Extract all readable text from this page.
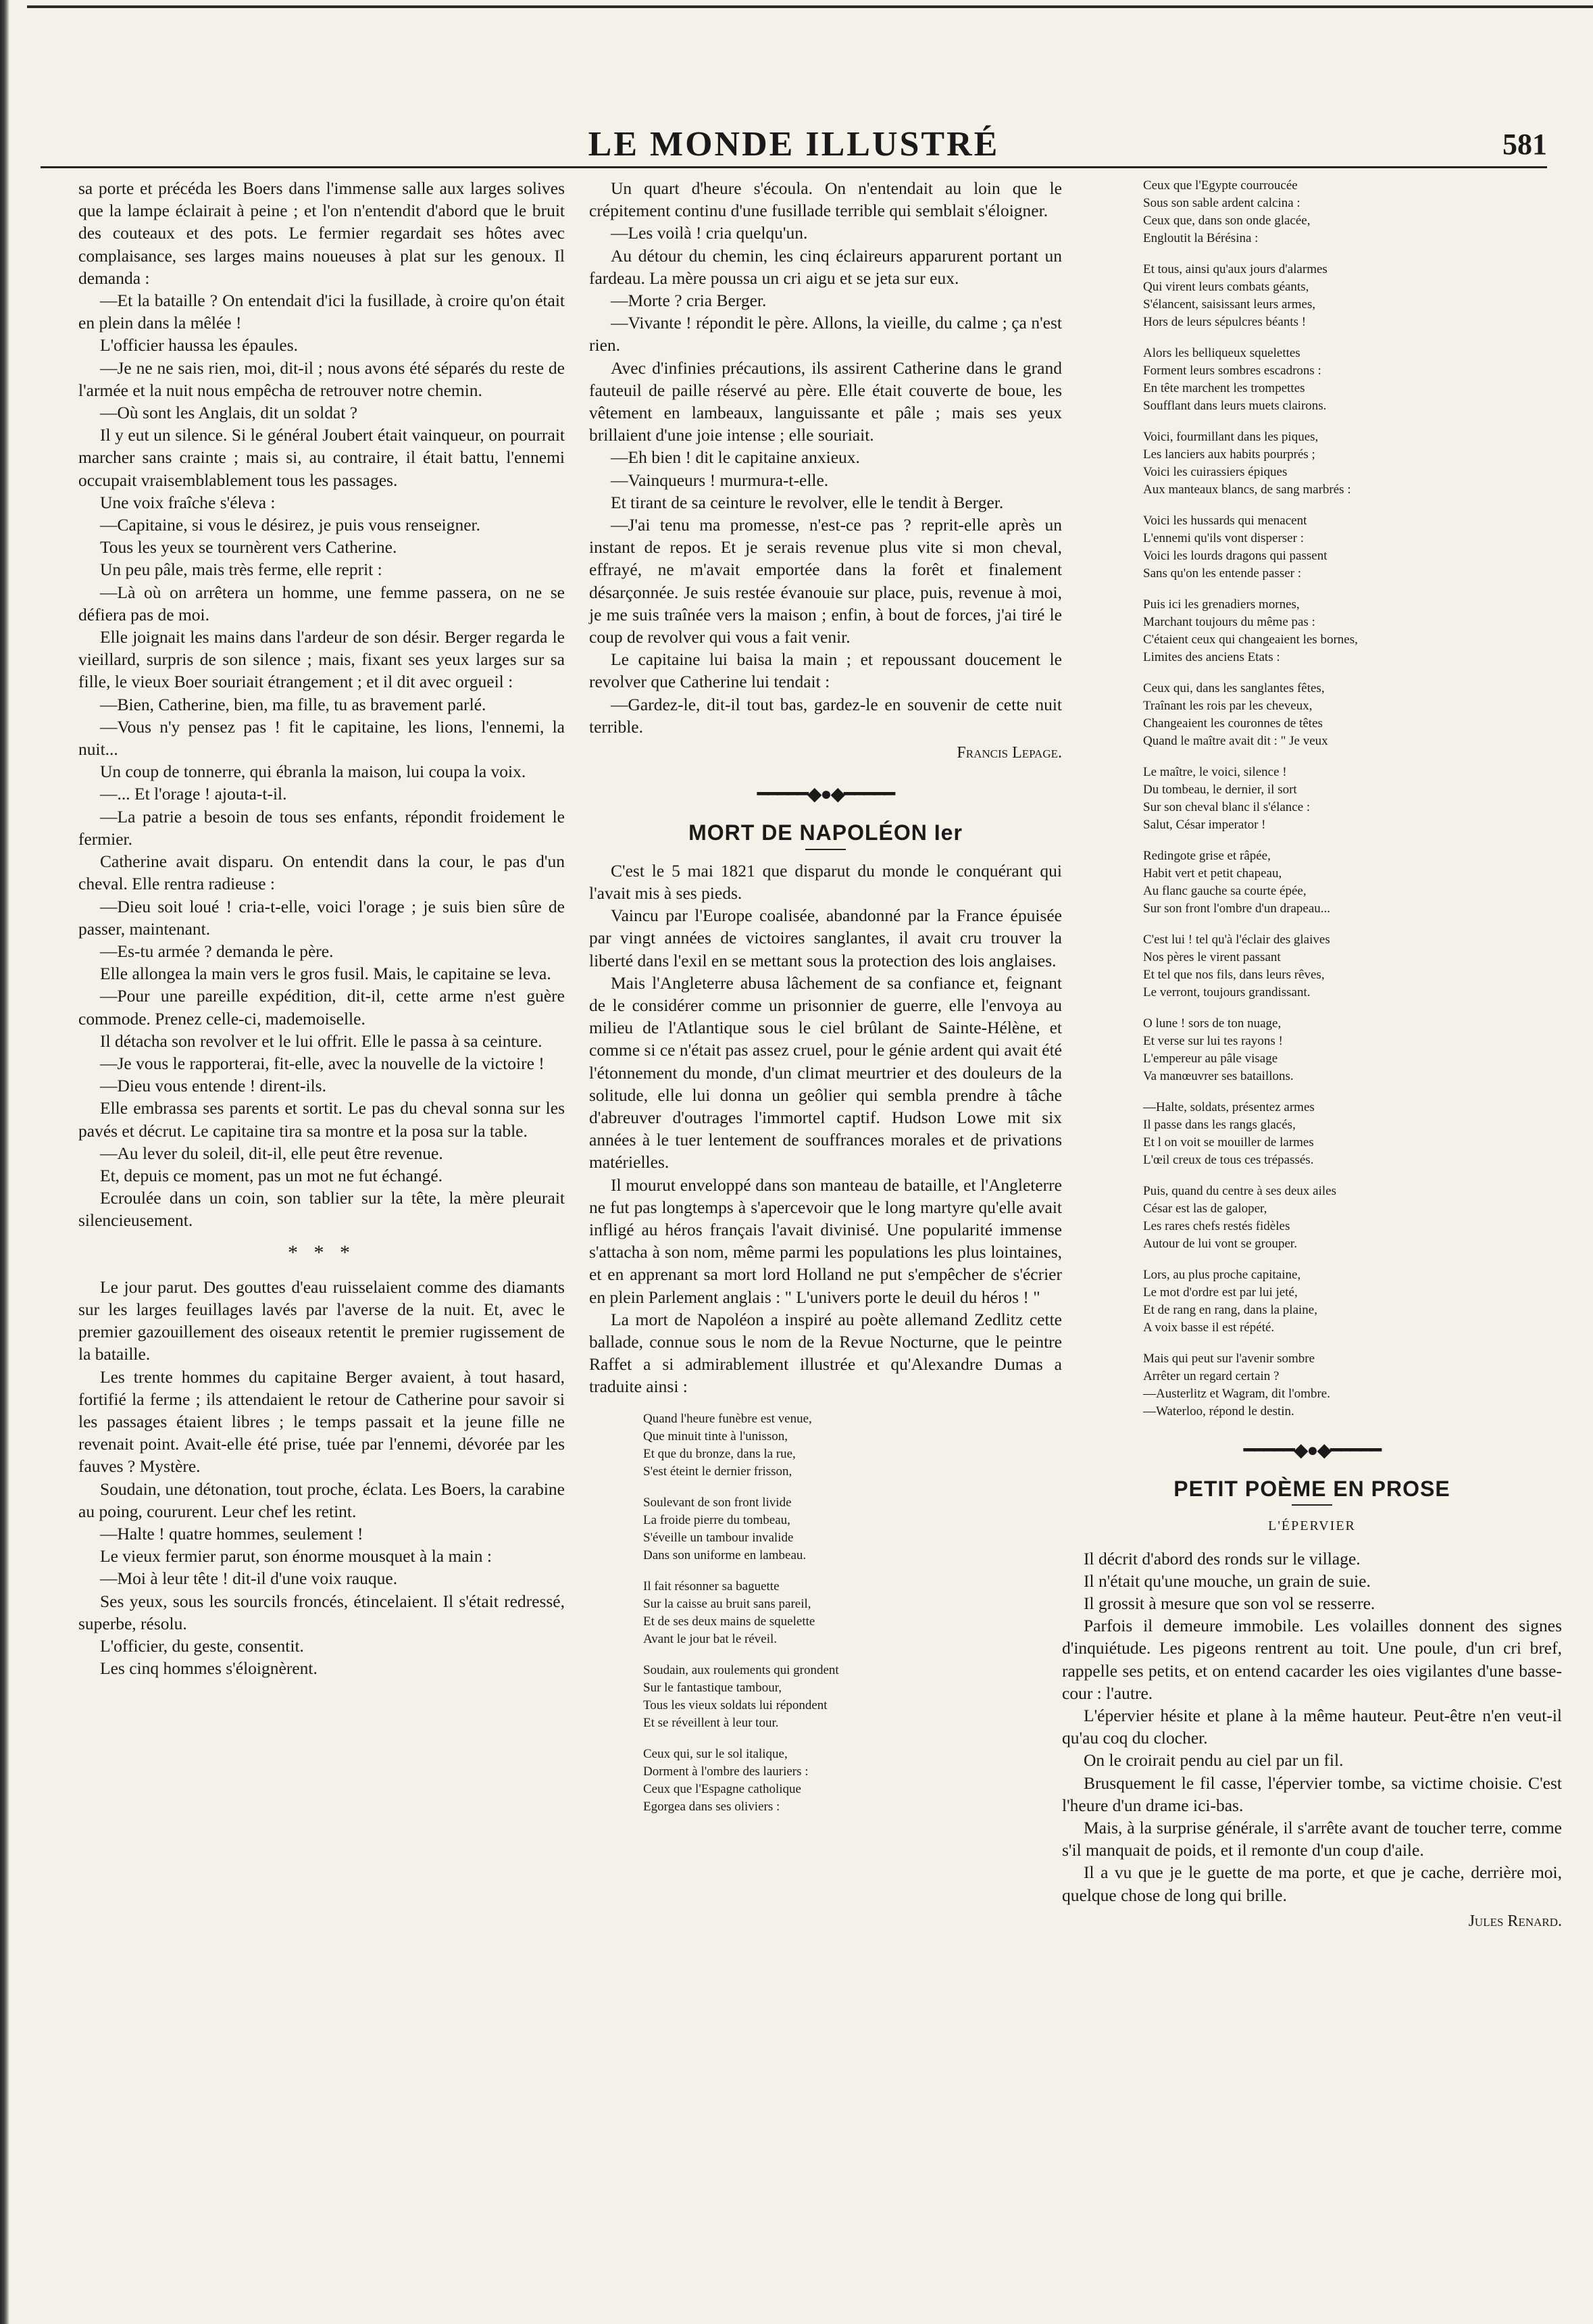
LE MONDE ILLUSTRÉ	581

sa porte et précéda les Boers dans l'immense salle aux larges solives que la lampe éclairait à peine ; et l'on n'entendit d'abord que le bruit des couteaux et des pots. Le fermier regardait ses hôtes avec complaisance, ses larges mains noueuses à plat sur les genoux. Il demanda :

—Et la bataille ? On entendait d'ici la fusillade, à croire qu'on était en plein dans la mêlée !

L'officier haussa les épaules.

—Je ne ne sais rien, moi, dit-il ; nous avons été séparés du reste de l'armée et la nuit nous empêcha de retrouver notre chemin.

—Où sont les Anglais, dit un soldat ?

Il y eut un silence. Si le général Joubert était vainqueur, on pourrait marcher sans crainte ; mais si, au contraire, il était battu, l'ennemi occupait vraisemblablement tous les passages.

Une voix fraîche s'éleva :

—Capitaine, si vous le désirez, je puis vous renseigner.

Tous les yeux se tournèrent vers Catherine.

Un peu pâle, mais très ferme, elle reprit :

—Là où on arrêtera un homme, une femme passera, on ne se défiera pas de moi.

Elle joignait les mains dans l'ardeur de son désir. Berger regarda le vieillard, surpris de son silence ; mais, fixant ses yeux larges sur sa fille, le vieux Boer souriait étrangement ; et il dit avec orgueil :

—Bien, Catherine, bien, ma fille, tu as bravement parlé.

—Vous n'y pensez pas ! fit le capitaine, les lions, l'ennemi, la nuit...

Un coup de tonnerre, qui ébranla la maison, lui coupa la voix.

—... Et l'orage ! ajouta-t-il.

—La patrie a besoin de tous ses enfants, répondit froidement le fermier.

Catherine avait disparu. On entendit dans la cour, le pas d'un cheval. Elle rentra radieuse :

—Dieu soit loué ! cria-t-elle, voici l'orage ; je suis bien sûre de passer, maintenant.

—Es-tu armée ? demanda le père.

Elle allongea la main vers le gros fusil. Mais, le capitaine se leva.

—Pour une pareille expédition, dit-il, cette arme n'est guère commode. Prenez celle-ci, mademoiselle.

Il détacha son revolver et le lui offrit. Elle le passa à sa ceinture.

—Je vous le rapporterai, fit-elle, avec la nouvelle de la victoire !

—Dieu vous entende ! dirent-ils.

Elle embrassa ses parents et sortit. Le pas du cheval sonna sur les pavés et décrut. Le capitaine tira sa montre et la posa sur la table.

—Au lever du soleil, dit-il, elle peut être revenue.

Et, depuis ce moment, pas un mot ne fut échangé.

Ecroulée dans un coin, son tablier sur la tête, la mère pleurait silencieusement.

* * *

Le jour parut. Des gouttes d'eau ruisselaient comme des diamants sur les larges feuillages lavés par l'averse de la nuit. Et, avec le premier gazouillement des oiseaux retentit le premier rugissement de la bataille.

Les trente hommes du capitaine Berger avaient, à tout hasard, fortifié la ferme ; ils attendaient le retour de Catherine pour savoir si les passages étaient libres ; le temps passait et la jeune fille ne revenait point. Avait-elle été prise, tuée par l'ennemi, dévorée par les fauves ? Mystère.

Soudain, une détonation, tout proche, éclata. Les Boers, la carabine au poing, coururent. Leur chef les retint.

—Halte ! quatre hommes, seulement !

Le vieux fermier parut, son énorme mousquet à la main :

—Moi à leur tête ! dit-il d'une voix rauque.

Ses yeux, sous les sourcils froncés, étincelaient. Il s'était redressé, superbe, résolu.

L'officier, du geste, consentit.

Les cinq hommes s'éloignèrent.

Un quart d'heure s'écoula. On n'entendait au loin que le crépitement continu d'une fusillade terrible qui semblait s'éloigner.

—Les voilà ! cria quelqu'un.

Au détour du chemin, les cinq éclaireurs apparurent portant un fardeau. La mère poussa un cri aigu et se jeta sur eux.

—Morte ? cria Berger.

—Vivante ! répondit le père. Allons, la vieille, du calme ; ça n'est rien.

Avec d'infinies précautions, ils assirent Catherine dans le grand fauteuil de paille réservé au père. Elle était couverte de boue, les vêtement en lambeaux, languissante et pâle ; mais ses yeux brillaient d'une joie intense ; elle souriait.

—Eh bien ! dit le capitaine anxieux.

—Vainqueurs ! murmura-t-elle.

Et tirant de sa ceinture le revolver, elle le tendit à Berger.

—J'ai tenu ma promesse, n'est-ce pas ? reprit-elle après un instant de repos. Et je serais revenue plus vite si mon cheval, effrayé, ne m'avait emportée dans la forêt et finalement désarçonnée. Je suis restée évanouie sur place, puis, revenue à moi, je me suis traînée vers la maison ; enfin, à bout de forces, j'ai tiré le coup de revolver qui vous a fait venir.

Le capitaine lui baisa la main ; et repoussant doucement le revolver que Catherine lui tendait :

—Gardez-le, dit-il tout bas, gardez-le en souvenir de cette nuit terrible.

Francis Lepage.
━━━━━◆●◆━━━━━
MORT DE NAPOLÉON Ier

C'est le 5 mai 1821 que disparut du monde le conquérant qui l'avait mis à ses pieds.

Vaincu par l'Europe coalisée, abandonné par la France épuisée par vingt années de victoires sanglantes, il avait cru trouver la liberté dans l'exil en se mettant sous la protection des lois anglaises.

Mais l'Angleterre abusa lâchement de sa confiance et, feignant de le considérer comme un prisonnier de guerre, elle l'envoya au milieu de l'Atlantique sous le ciel brûlant de Sainte-Hélène, et comme si ce n'était pas assez cruel, pour le génie ardent qui avait été l'étonnement du monde, d'un climat meurtrier et des douleurs de la solitude, elle lui donna un geôlier qui sembla prendre à tâche d'abreuver d'outrages l'immortel captif. Hudson Lowe mit six années à le tuer lentement de souffrances morales et de privations matérielles.

Il mourut enveloppé dans son manteau de bataille, et l'Angleterre ne fut pas longtemps à s'apercevoir que le long martyre qu'elle avait infligé au héros français l'avait divinisé. Une popularité immense s'attacha à son nom, même parmi les populations les plus lointaines, et en apprenant sa mort lord Holland ne put s'empêcher de s'écrier en plein Parlement anglais : " L'univers porte le deuil du héros ! "

La mort de Napoléon a inspiré au poète allemand Zedlitz cette ballade, connue sous le nom de la Revue Nocturne, que le peintre Raffet a si admirablement illustrée et qu'Alexandre Dumas a traduite ainsi :

Quand l'heure funèbre est venue,
Que minuit tinte à l'unisson,
Et que du bronze, dans la rue,
S'est éteint le dernier frisson,
Soulevant de son front livide
La froide pierre du tombeau,
S'éveille un tambour invalide
Dans son uniforme en lambeau.
Il fait résonner sa baguette
Sur la caisse au bruit sans pareil,
Et de ses deux mains de squelette
Avant le jour bat le réveil.
Soudain, aux roulements qui grondent
Sur le fantastique tambour,
Tous les vieux soldats lui répondent
Et se réveillent à leur tour.
Ceux qui, sur le sol italique,
Dorment à l'ombre des lauriers :
Ceux que l'Espagne catholique
Egorgea dans ses oliviers :
Ceux que l'Egypte courroucée
Sous son sable ardent calcina :
Ceux que, dans son onde glacée,
Engloutit la Bérésina :
Et tous, ainsi qu'aux jours d'alarmes
Qui virent leurs combats géants,
S'élancent, saisissant leurs armes,
Hors de leurs sépulcres béants !
Alors les belliqueux squelettes
Forment leurs sombres escadrons :
En tête marchent les trompettes
Soufflant dans leurs muets clairons.
Voici, fourmillant dans les piques,
Les lanciers aux habits pourprés ;
Voici les cuirassiers épiques
Aux manteaux blancs, de sang marbrés :
Voici les hussards qui menacent
L'ennemi qu'ils vont disperser :
Voici les lourds dragons qui passent
Sans qu'on les entende passer :
Puis ici les grenadiers mornes,
Marchant toujours du même pas :
C'étaient ceux qui changeaient les bornes,
Limites des anciens Etats :
Ceux qui, dans les sanglantes fêtes,
Traînant les rois par les cheveux,
Changeaient les couronnes de têtes
Quand le maître avait dit : " Je veux
Le maître, le voici, silence !
Du tombeau, le dernier, il sort
Sur son cheval blanc il s'élance :
Salut, César imperator !
Redingote grise et râpée,
Habit vert et petit chapeau,
Au flanc gauche sa courte épée,
Sur son front l'ombre d'un drapeau...
C'est lui ! tel qu'à l'éclair des glaives
Nos pères le virent passant
Et tel que nos fils, dans leurs rêves,
Le verront, toujours grandissant.
O lune ! sors de ton nuage,
Et verse sur lui tes rayons !
L'empereur au pâle visage
Va manœuvrer ses bataillons.
—Halte, soldats, présentez armes
Il passe dans les rangs glacés,
Et l on voit se mouiller de larmes
L'œil creux de tous ces trépassés.
Puis, quand du centre à ses deux ailes
César est las de galoper,
Les rares chefs restés fidèles
Autour de lui vont se grouper.
Lors, au plus proche capitaine,
Le mot d'ordre est par lui jeté,
Et de rang en rang, dans la plaine,
A voix basse il est répété.
Mais qui peut sur l'avenir sombre
Arrêter un regard certain ?
—Austerlitz et Wagram, dit l'ombre.
—Waterloo, répond le destin.
━━━━━◆●◆━━━━━
PETIT POÈME EN PROSE
L'ÉPERVIER

Il décrit d'abord des ronds sur le village.

Il n'était qu'une mouche, un grain de suie.

Il grossit à mesure que son vol se resserre.

Parfois il demeure immobile. Les volailles donnent des signes d'inquiétude. Les pigeons rentrent au toit. Une poule, d'un cri bref, rappelle ses petits, et on entend cacarder les oies vigilantes d'une basse-cour : l'autre.

L'épervier hésite et plane à la même hauteur. Peut-être n'en veut-il qu'au coq du clocher.

On le croirait pendu au ciel par un fil.

Brusquement le fil casse, l'épervier tombe, sa victime choisie. C'est l'heure d'un drame ici-bas.

Mais, à la surprise générale, il s'arrête avant de toucher terre, comme s'il manquait de poids, et il remonte d'un coup d'aile.

Il a vu que je le guette de ma porte, et que je cache, derrière moi, quelque chose de long qui brille.

Jules Renard.
